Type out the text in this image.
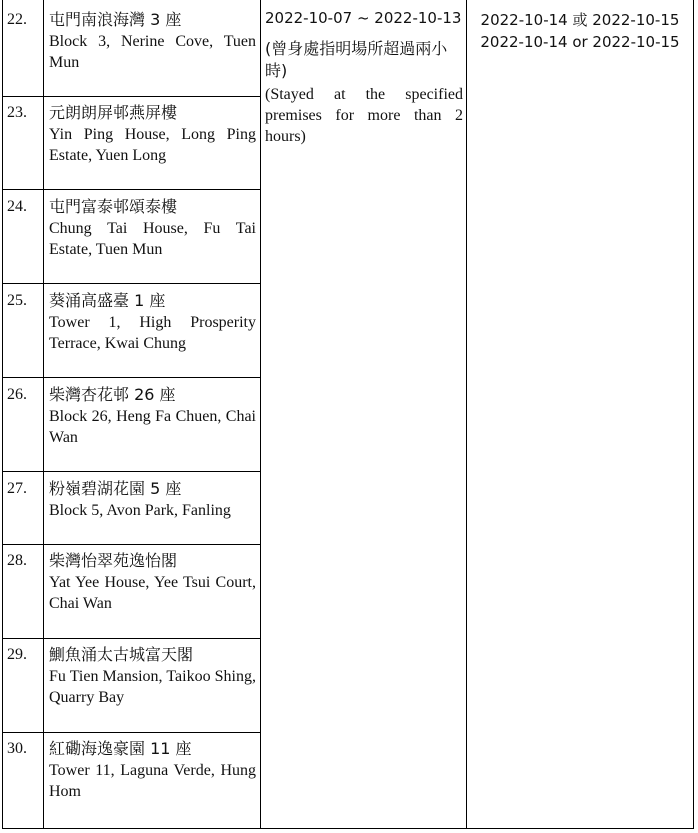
22. 屯門南浪海灣 3 座
Block 3, Nerine Cove, Tuen Mun
23. 元朗朗屏邨燕屏樓
Yin Ping House, Long Ping Estate, Yuen Long
24. 屯門富泰邨頌泰樓
Chung Tai House, Fu Tai Estate, Tuen Mun
25. 葵涌高盛臺 1 座
Tower 1, High Prosperity Terrace, Kwai Chung
26. 柴灣杏花邨 26 座
Block 26, Heng Fa Chuen, Chai Wan
27. 粉嶺碧湖花園 5 座
Block 5, Avon Park, Fanling
28. 柴灣怡翠苑逸怡閣
Yat Yee House, Yee Tsui Court, Chai Wan
29. 鰂魚涌太古城富天閣
Fu Tien Mansion, Taikoo Shing, Quarry Bay
30. 紅磡海逸豪園 11 座
Tower 11, Laguna Verde, Hung Hom
2022-10-07 ~ 2022-10-13
(曾身處指明場所超過兩小時)
(Stayed at the specified premises for more than 2 hours)
2022-10-14 或 2022-10-15
2022-10-14 or 2022-10-15
